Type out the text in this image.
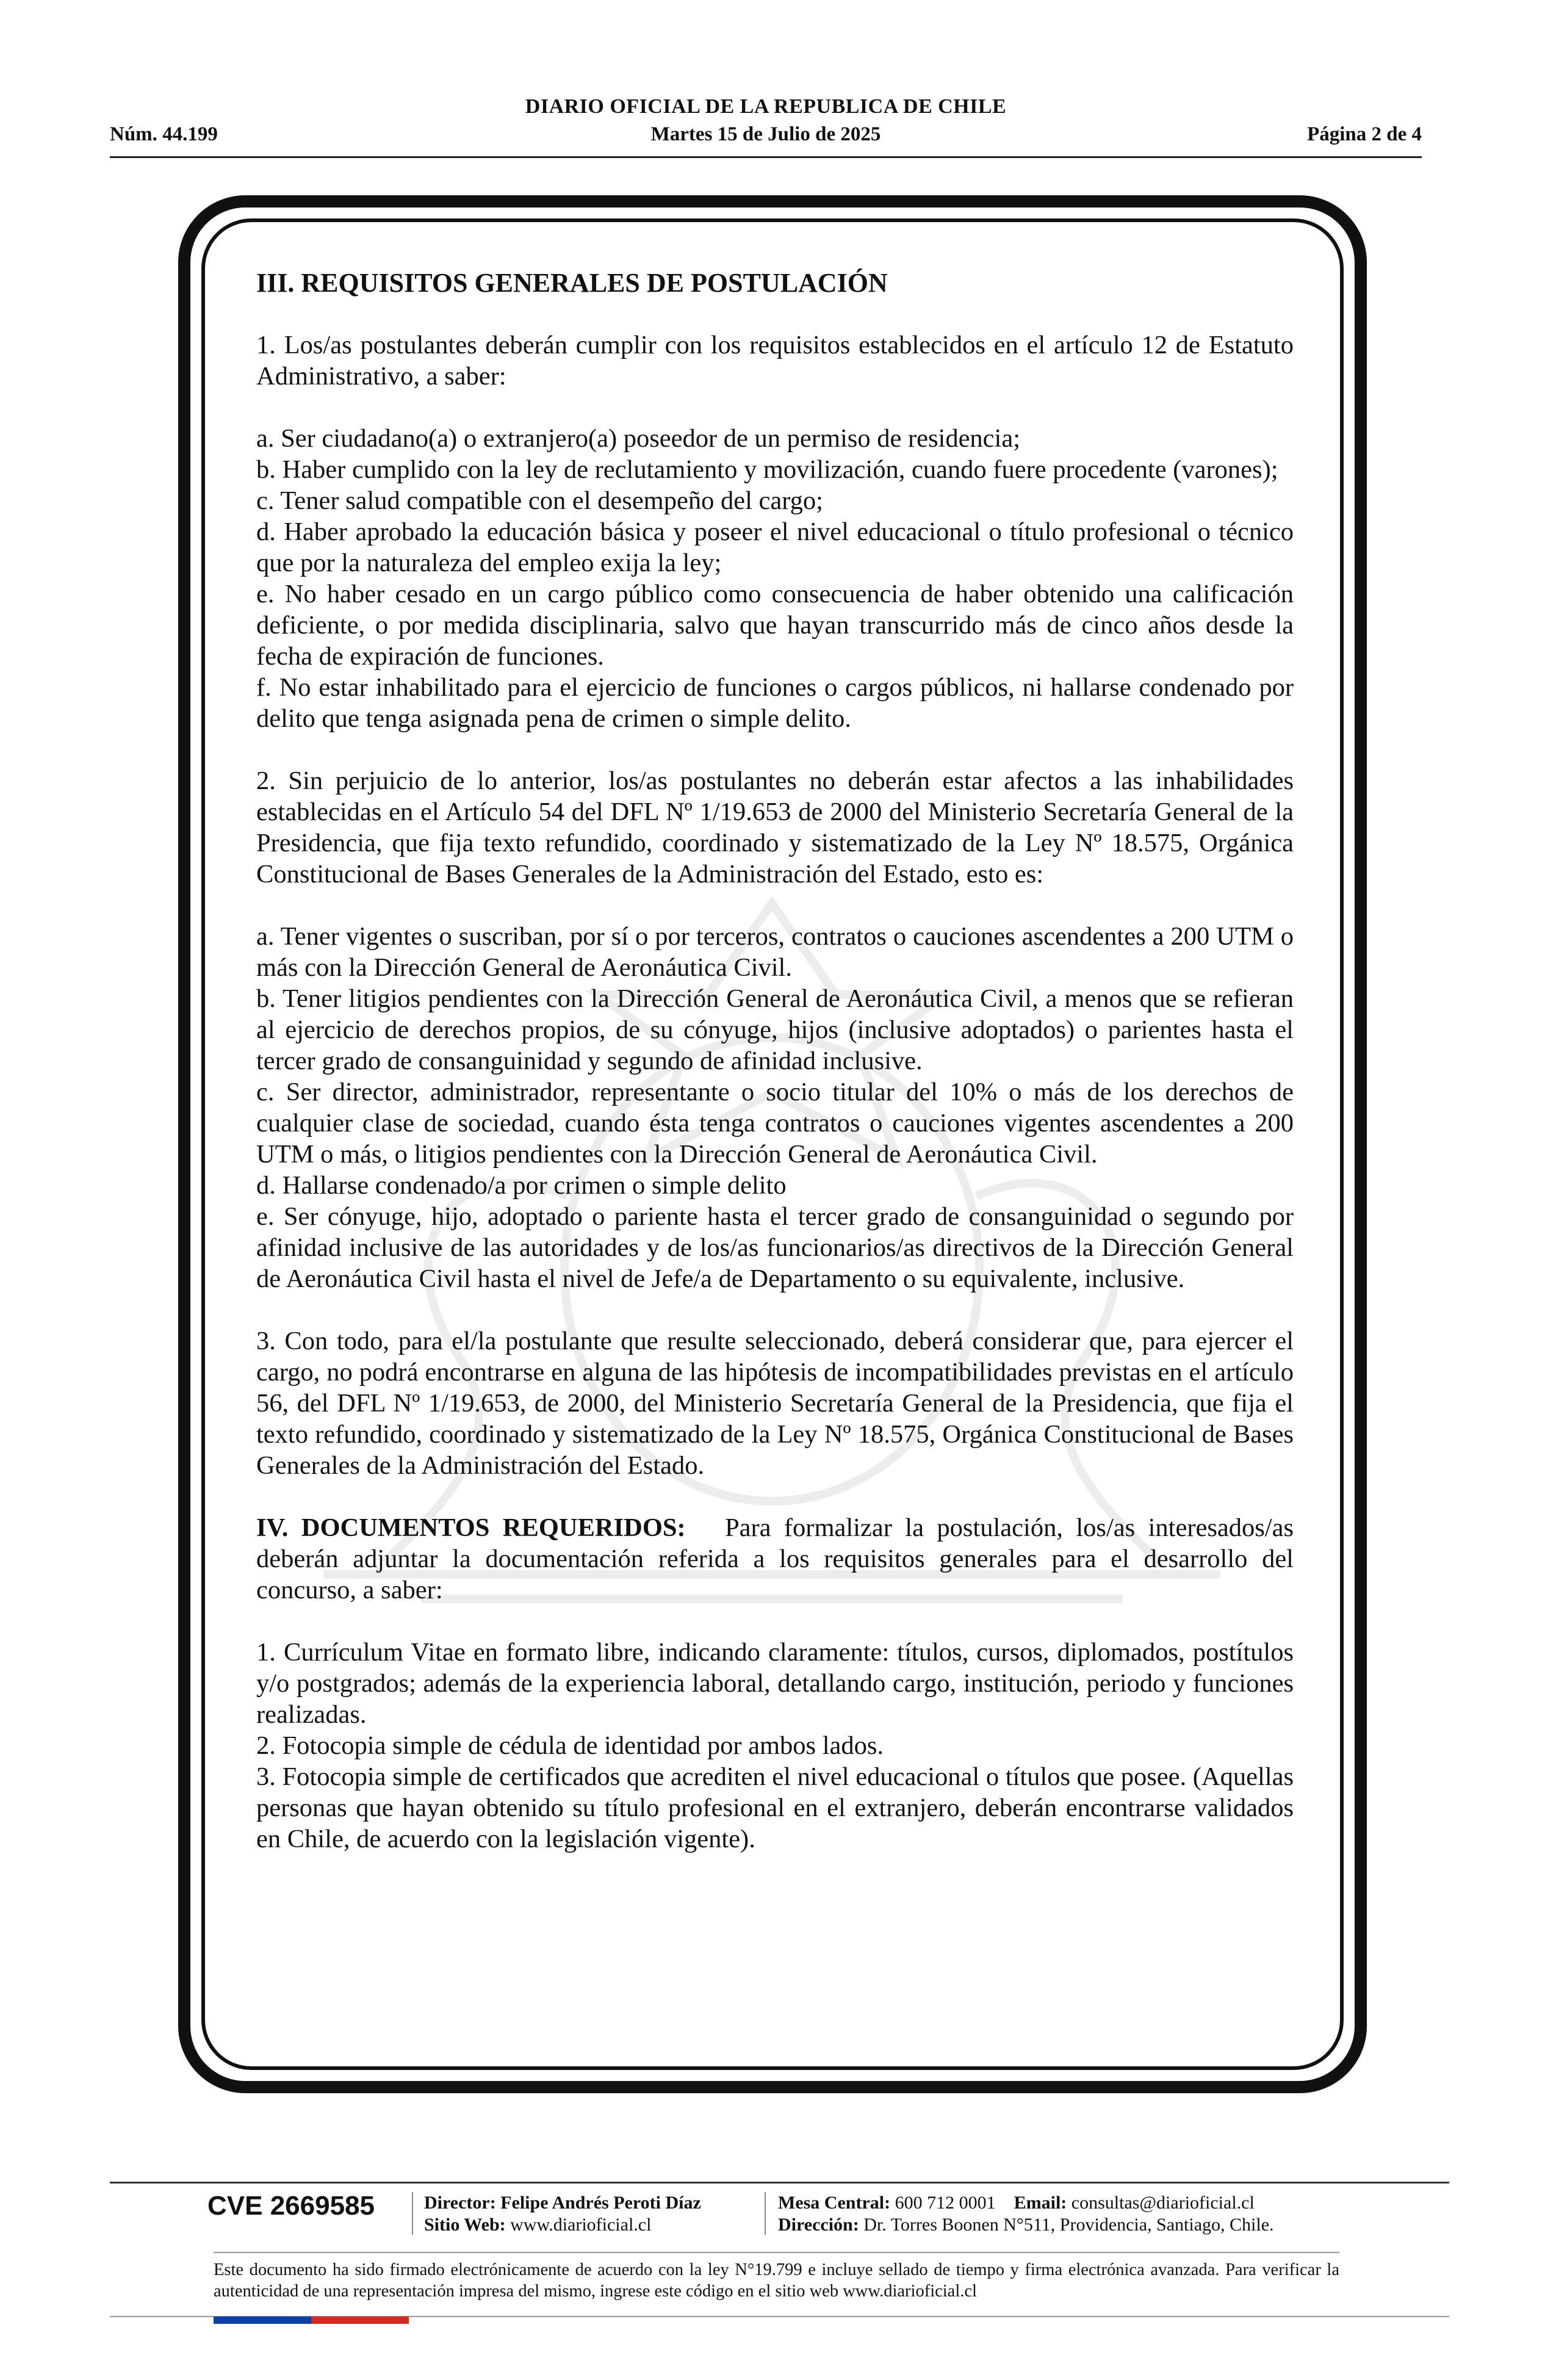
DIARIO OFICIAL DE LA REPUBLICA DE CHILE
Núm. 44.199	Martes 15 de Julio de 2025	Página 2 de 4

III. REQUISITOS GENERALES DE POSTULACIÓN

1. Los/as postulantes deberán cumplir con los requisitos establecidos en el artículo 12 de Estatuto Administrativo, a saber:

a. Ser ciudadano(a) o extranjero(a) poseedor de un permiso de residencia;

b. Haber cumplido con la ley de reclutamiento y movilización, cuando fuere procedente (varones);

c. Tener salud compatible con el desempeño del cargo;

d. Haber aprobado la educación básica y poseer el nivel educacional o título profesional o técnico que por la naturaleza del empleo exija la ley;

e. No haber cesado en un cargo público como consecuencia de haber obtenido una calificación deficiente, o por medida disciplinaria, salvo que hayan transcurrido más de cinco años desde la fecha de expiración de funciones.

f. No estar inhabilitado para el ejercicio de funciones o cargos públicos, ni hallarse condenado por delito que tenga asignada pena de crimen o simple delito.

2. Sin perjuicio de lo anterior, los/as postulantes no deberán estar afectos a las inhabilidades establecidas en el Artículo 54 del DFL Nº 1/19.653 de 2000 del Ministerio Secretaría General de la Presidencia, que fija texto refundido, coordinado y sistematizado de la Ley Nº 18.575, Orgánica Constitucional de Bases Generales de la Administración del Estado, esto es:

a. Tener vigentes o suscriban, por sí o por terceros, contratos o cauciones ascendentes a 200 UTM o más con la Dirección General de Aeronáutica Civil.

b. Tener litigios pendientes con la Dirección General de Aeronáutica Civil, a menos que se refieran al ejercicio de derechos propios, de su cónyuge, hijos (inclusive adoptados) o parientes hasta el tercer grado de consanguinidad y segundo de afinidad inclusive.

c. Ser director, administrador, representante o socio titular del 10% o más de los derechos de cualquier clase de sociedad, cuando ésta tenga contratos o cauciones vigentes ascendentes a 200 UTM o más, o litigios pendientes con la Dirección General de Aeronáutica Civil.

d. Hallarse condenado/a por crimen o simple delito

e. Ser cónyuge, hijo, adoptado o pariente hasta el tercer grado de consanguinidad o segundo por afinidad inclusive de las autoridades y de los/as funcionarios/as directivos de la Dirección General de Aeronáutica Civil hasta el nivel de Jefe/a de Departamento o su equivalente, inclusive.

3. Con todo, para el/la postulante que resulte seleccionado, deberá considerar que, para ejercer el cargo, no podrá encontrarse en alguna de las hipótesis de incompatibilidades previstas en el artículo 56, del DFL Nº 1/19.653, de 2000, del Ministerio Secretaría General de la Presidencia, que fija el texto refundido, coordinado y sistematizado de la Ley Nº 18.575, Orgánica Constitucional de Bases Generales de la Administración del Estado.

IV. DOCUMENTOS REQUERIDOS: Para formalizar la postulación, los/as interesados/as deberán adjuntar la documentación referida a los requisitos generales para el desarrollo del concurso, a saber:

1. Currículum Vitae en formato libre, indicando claramente: títulos, cursos, diplomados, postítulos y/o postgrados; además de la experiencia laboral, detallando cargo, institución, periodo y funciones realizadas.

2. Fotocopia simple de cédula de identidad por ambos lados.

3. Fotocopia simple de certificados que acrediten el nivel educacional o títulos que posee. (Aquellas personas que hayan obtenido su título profesional en el extranjero, deberán encontrarse validados en Chile, de acuerdo con la legislación vigente).

CVE 2669585	Director: Felipe Andrés Peroti Díaz
Sitio Web: www.diarioficial.cl
Mesa Central: 600 712 0001 Email: consultas@diarioficial.cl
Dirección: Dr. Torres Boonen N°511, Providencia, Santiago, Chile.
Este documento ha sido firmado electrónicamente de acuerdo con la ley N°19.799 e incluye sellado de tiempo y firma electrónica avanzada. Para verificar la autenticidad de una representación impresa del mismo, ingrese este código en el sitio web www.diarioficial.cl
